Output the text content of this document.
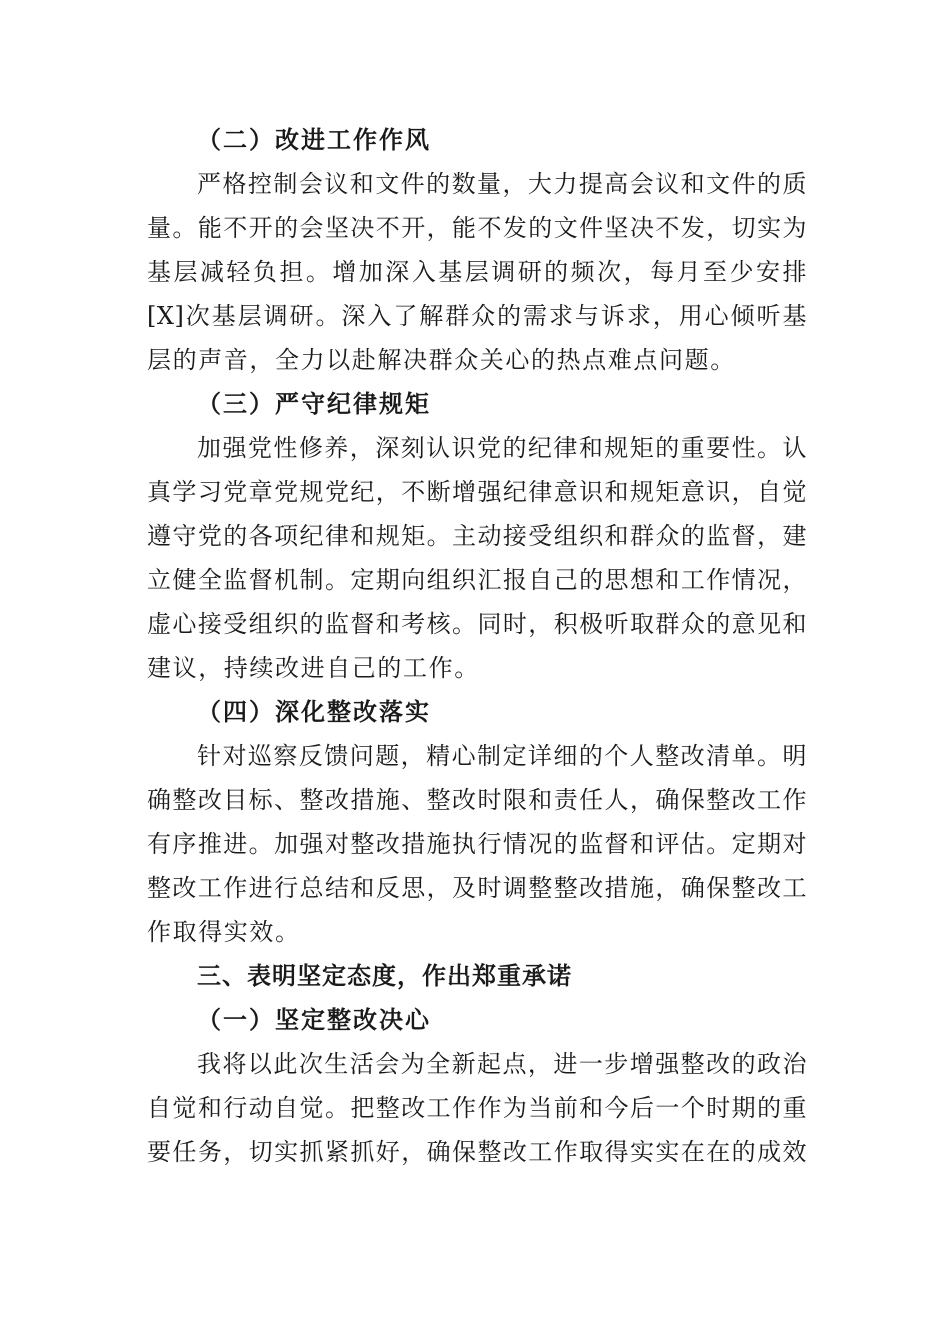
（二）改进工作作风

严格控制会议和文件的数量，大力提高会议和文件的质
量。能不开的会坚决不开，能不发的文件坚决不发，切实为
基层减轻负担。增加深入基层调研的频次，每月至少安排
[X]次基层调研。深入了解群众的需求与诉求，用心倾听基
层的声音，全力以赴解决群众关心的热点难点问题。

（三）严守纪律规矩

加强党性修养，深刻认识党的纪律和规矩的重要性。认
真学习党章党规党纪，不断增强纪律意识和规矩意识，自觉
遵守党的各项纪律和规矩。主动接受组织和群众的监督，建
立健全监督机制。定期向组织汇报自己的思想和工作情况，
虚心接受组织的监督和考核。同时，积极听取群众的意见和
建议，持续改进自己的工作。

（四）深化整改落实

针对巡察反馈问题，精心制定详细的个人整改清单。明
确整改目标、整改措施、整改时限和责任人，确保整改工作
有序推进。加强对整改措施执行情况的监督和评估。定期对
整改工作进行总结和反思，及时调整整改措施，确保整改工
作取得实效。

三、表明坚定态度，作出郑重承诺
（一）坚定整改决心

我将以此次生活会为全新起点，进一步增强整改的政治
自觉和行动自觉。把整改工作作为当前和今后一个时期的重
要任务，切实抓紧抓好，确保整改工作取得实实在在的成效
